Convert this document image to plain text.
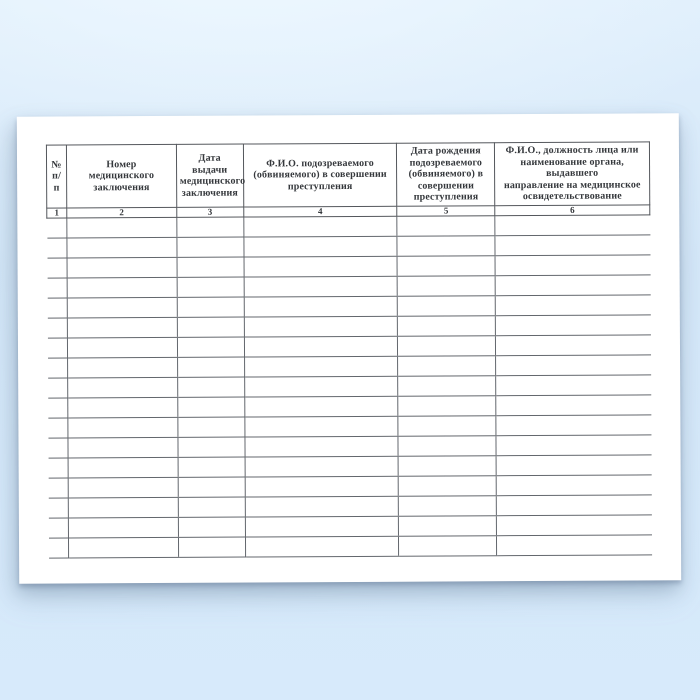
№
п/п	Номер
медицинского
заключения	Дата выдачи
медицинского
заключения	Ф.И.О. подозреваемого
(обвиняемого) в совершении
преступления	Дата рождения
подозреваемого
(обвиняемого) в
совершении
преступления	Ф.И.О., должность лица или
наименование органа, выдавшего
направление на медицинское
освидетельствование

1	2	3	4	5	6
